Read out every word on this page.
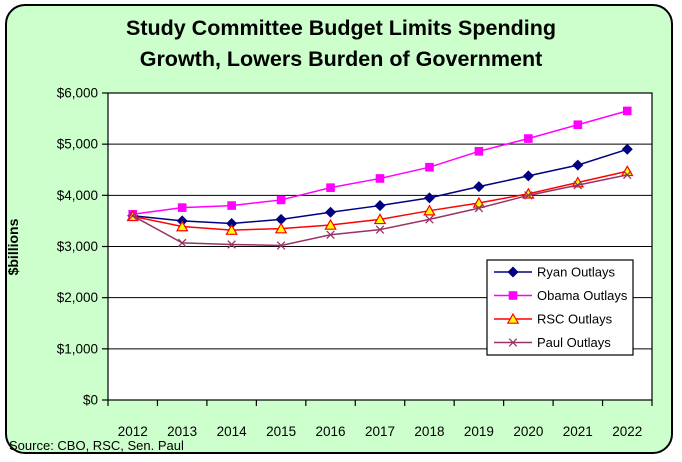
Study Committee Budget Limits Spending
Growth, Lowers Burden of Government
$billions
$0
$1,000
$2,000
$3,000
$4,000
$5,000
$6,000
2012 2013 2014 2015 2016 2017 2018 2019 2020 2021 2022
Ryan Outlays
Obama Outlays
RSC Outlays
Paul Outlays
Source: CBO, RSC, Sen. Paul
